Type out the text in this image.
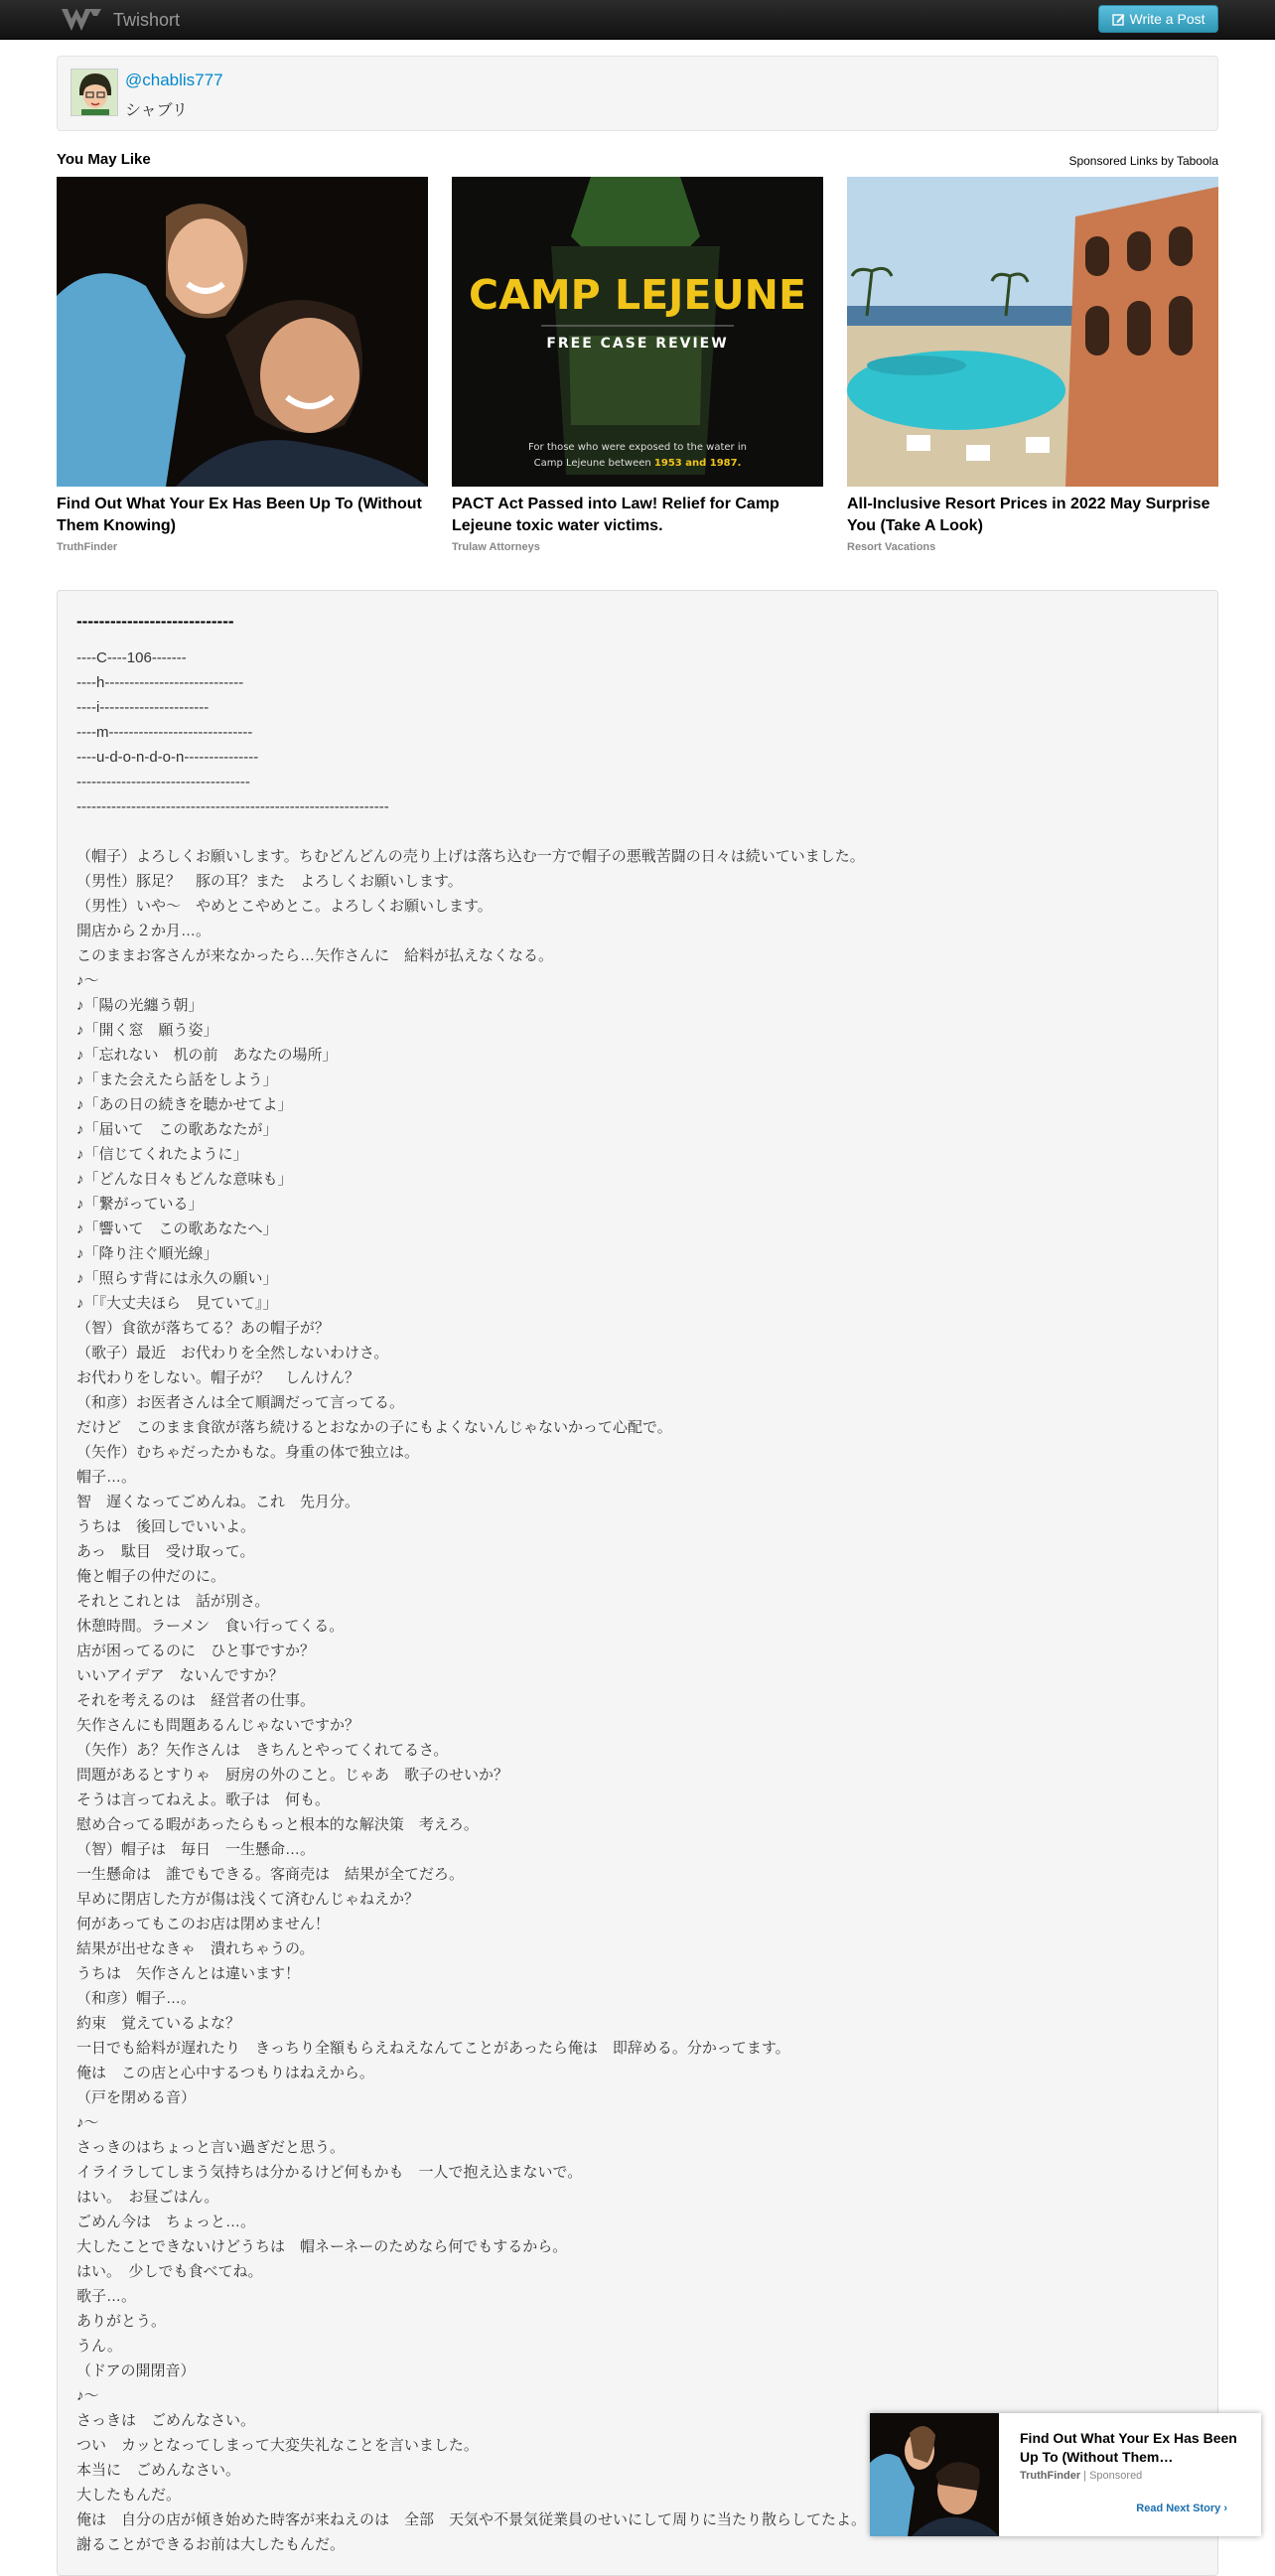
Twishort	Write a Post
@chablis777
シャブリ
You May Like	Sponsored Links by Taboola
Find Out What Your Ex Has Been Up To (Without Them Knowing)
TruthFinder
CAMP LEJEUNE
FREE CASE REVIEW
For those who were exposed to the water in
Camp Lejeune between 1953 and 1987.
PACT Act Passed into Law! Relief for Camp Lejeune toxic water victims.
Trulaw Attorneys
All-Inclusive Resort Prices in 2022 May Surprise You (Take A Look)
Resort Vacations
----------------------------
----C----106-------
----h----------------------------
----i----------------------
----m-----------------------------
----u-d-o-n-d-o-n---------------
-----------------------------------
---------------------------------------------------------------
（帽子）よろしくお願いします。ちむどんどんの売り上げは落ち込む一方で帽子の悪戦苦闘の日々は続いていました。
（男性）豚足？　豚の耳？また　よろしくお願いします。
（男性）いや～　やめとこやめとこ。よろしくお願いします。
開店から２か月…。
このままお客さんが来なかったら…矢作さんに　給料が払えなくなる。
♪～
♪「陽の光纏う朝」
♪「開く窓　願う姿」
♪「忘れない　机の前　あなたの場所」
♪「また会えたら話をしよう」
♪「あの日の続きを聴かせてよ」
♪「届いて　この歌あなたが」
♪「信じてくれたように」
♪「どんな日々もどんな意味も」
♪「繋がっている」
♪「響いて　この歌あなたへ」
♪「降り注ぐ順光線」
♪「照らす背には永久の願い」
♪「『大丈夫ほら　見ていて』」
（智）食欲が落ちてる？あの帽子が？
（歌子）最近　お代わりを全然しないわけさ。
お代わりをしない。帽子が？　しんけん？
（和彦）お医者さんは全て順調だって言ってる。
だけど　このまま食欲が落ち続けるとおなかの子にもよくないんじゃないかって心配で。
（矢作）むちゃだったかもな。身重の体で独立は。
帽子…。
智　遅くなってごめんね。これ　先月分。
うちは　後回しでいいよ。
あっ　駄目　受け取って。
俺と帽子の仲だのに。
それとこれとは　話が別さ。
休憩時間。ラーメン　食い行ってくる。
店が困ってるのに　ひと事ですか？
いいアイデア　ないんですか？
それを考えるのは　経営者の仕事。
矢作さんにも問題あるんじゃないですか？
（矢作）あ？矢作さんは　きちんとやってくれてるさ。
問題があるとすりゃ　厨房の外のこと。じゃあ　歌子のせいか？
そうは言ってねえよ。歌子は　何も。
慰め合ってる暇があったらもっと根本的な解決策　考えろ。
（智）帽子は　毎日　一生懸命…。
一生懸命は　誰でもできる。客商売は　結果が全てだろ。
早めに閉店した方が傷は浅くて済むんじゃねえか？
何があってもこのお店は閉めません！
結果が出せなきゃ　潰れちゃうの。
うちは　矢作さんとは違います！
（和彦）帽子…。
約束　覚えているよな？
一日でも給料が遅れたり　きっちり全額もらえねえなんてことがあったら俺は　即辞める。分かってます。
俺は　この店と心中するつもりはねえから。
（戸を閉める音）
♪～
さっきのはちょっと言い過ぎだと思う。
イライラしてしまう気持ちは分かるけど何もかも　一人で抱え込まないで。
はい。　お昼ごはん。
ごめん今は　ちょっと…。
大したことできないけどうちは　帽ネーネーのためなら何でもするから。
はい。　少しでも食べてね。
歌子…。
ありがとう。
うん。
（ドアの開閉音）
♪～
さっきは　ごめんなさい。
つい　カッとなってしまって大変失礼なことを言いました。
本当に　ごめんなさい。
大したもんだ。
俺は　自分の店が傾き始めた時客が来ねえのは　全部　天気や不景気従業員のせいにして周りに当たり散らしてたよ。
謝ることができるお前は大したもんだ。
Find Out What Your Ex Has Been Up To (Without Them…
TruthFinder | Sponsored
Read Next Story ›
